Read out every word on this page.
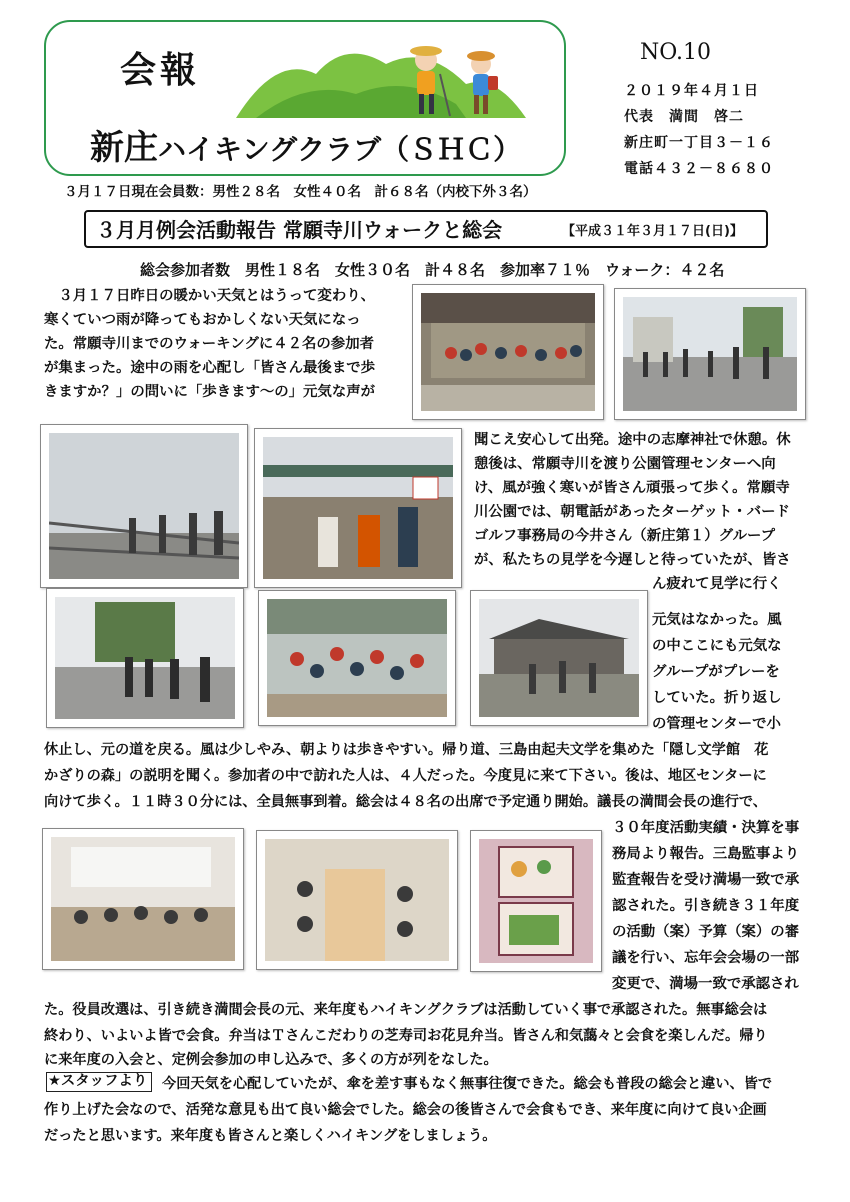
会報
新庄ハイキングクラブ（ＳＨＣ）
NO.10
２０１９年４月１日
代表　満間　啓二
新庄町一丁目３－１６
電話４３２－８６８０
３月１７日現在会員数：男性２８名　女性４０名　計６８名（内校下外３名）
３月月例会活動報告 常願寺川ウォークと総会	【平成３１年３月１７日(日)】
総会参加者数　男性１８名　女性３０名　計４８名　参加率７１％　ウォーク：４２名
　３月１７日昨日の暖かい天気とはうって変わり、
寒くていつ雨が降ってもおかしくない天気になっ
た。常願寺川までのウォーキングに４２名の参加者
が集まった。途中の雨を心配し「皆さん最後まで歩
きますか？」の問いに「歩きます～の」元気な声が
聞こえ安心して出発。途中の志摩神社で休憩。休
憩後は、常願寺川を渡り公園管理センターへ向
け、風が強く寒いが皆さん頑張って歩く。常願寺
川公園では、朝電話があったターゲット・バード
ゴルフ事務局の今井さん（新庄第１）グループ
が、私たちの見学を今遅しと待っていたが、皆さ
ん疲れて見学に行く
元気はなかった。風
の中ここにも元気な
グループがプレーを
していた。折り返し
の管理センターで小
休止し、元の道を戻る。風は少しやみ、朝よりは歩きやすい。帰り道、三島由起夫文学を集めた「隠し文学館　花
かざりの森」の説明を聞く。参加者の中で訪れた人は、４人だった。今度見に来て下さい。後は、地区センターに
向けて歩く。１１時３０分には、全員無事到着。総会は４８名の出席で予定通り開始。議長の満間会長の進行で、
３０年度活動実績・決算を事
務局より報告。三島監事より
監査報告を受け満場一致で承
認された。引き続き３１年度
の活動（案）予算（案）の審
議を行い、忘年会会場の一部
変更で、満場一致で承認され
た。役員改選は、引き続き満間会長の元、来年度もハイキングクラブは活動していく事で承認された。無事総会は
終わり、いよいよ皆で会食。弁当はＴさんこだわりの芝寿司お花見弁当。皆さん和気藹々と会食を楽しんだ。帰り
に来年度の入会と、定例会参加の申し込みで、多くの方が列をなした。
★スタッフより 今回天気を心配していたが、傘を差す事もなく無事往復できた。総会も普段の総会と違い、皆で
作り上げた会なので、活発な意見も出て良い総会でした。総会の後皆さんで会食もでき、来年度に向けて良い企画
だったと思います。来年度も皆さんと楽しくハイキングをしましょう。
